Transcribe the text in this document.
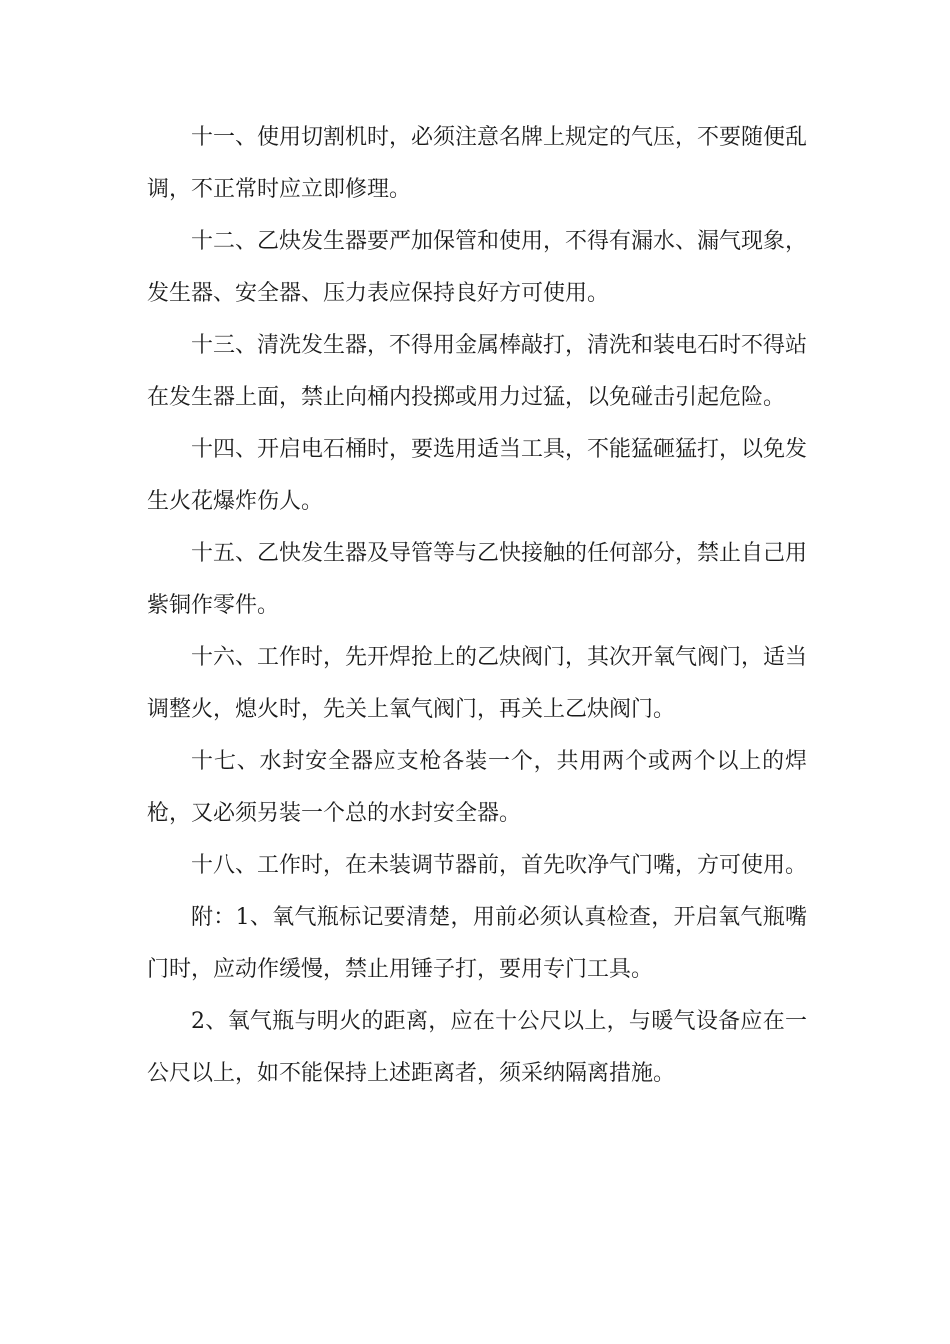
十一、使用切割机时，必须注意名牌上规定的气压，不要随便乱调，不正常时应立即修理。

十二、乙炔发生器要严加保管和使用，不得有漏水、漏气现象，发生器、安全器、压力表应保持良好方可使用。

十三、清洗发生器，不得用金属棒敲打，清洗和装电石时不得站在发生器上面，禁止向桶内投掷或用力过猛，以免碰击引起危险。

十四、开启电石桶时，要选用适当工具，不能猛砸猛打，以免发生火花爆炸伤人。

十五、乙快发生器及导管等与乙快接触的任何部分，禁止自己用紫铜作零件。

十六、工作时，先开焊抢上的乙炔阀门，其次开氧气阀门，适当调整火，熄火时，先关上氧气阀门，再关上乙炔阀门。

十七、水封安全器应支枪各装一个，共用两个或两个以上的焊枪，又必须另装一个总的水封安全器。

十八、工作时，在未装调节器前，首先吹净气门嘴，方可使用。

附：1、氧气瓶标记要清楚，用前必须认真检查，开启氧气瓶嘴门时，应动作缓慢，禁止用锤子打，要用专门工具。

2、氧气瓶与明火的距离，应在十公尺以上，与暖气设备应在一公尺以上，如不能保持上述距离者，须采纳隔离措施。
